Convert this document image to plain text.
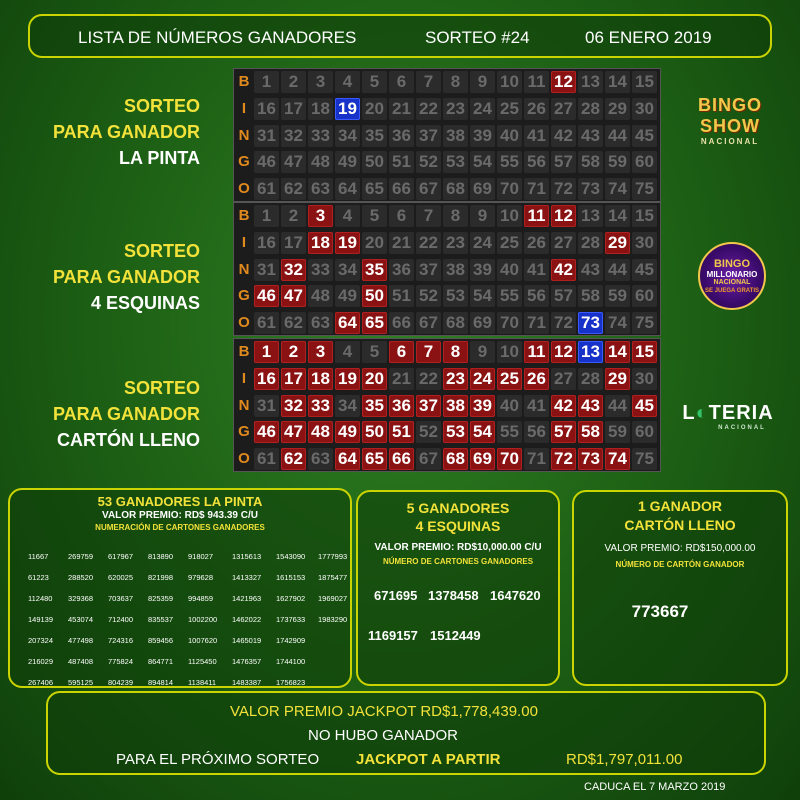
LISTA DE NÚMEROS GANADORES	SORTEO #24	06 ENERO 2019
SORTEO
PARA GANADOR
LA PINTA
SORTEO
PARA GANADOR
4 ESQUINAS
SORTEO
PARA GANADOR
CARTÓN LLENO
B 1	2	3	4	5	6	7	8	9 10 11 12 13 14 15
I 16 17 18 19 20 21 22 23 24 25 26 27 28 29 30
N 31 32 33 34 35 36 37 38 39 40 41 42 43 44 45
G 46 47 48 49 50 51 52 53 54 55 56 57 58 59 60
O 61 62 63 64 65 66 67 68 69 70 71 72 73 74 75
B 1	2	3	4	5	6	7	8	9 10 11 12 13 14 15
I 16 17 18 19 20 21 22 23 24 25 26 27 28 29 30
N 31 32 33 34 35 36 37 38 39 40 41 42 43 44 45
G 46 47 48 49 50 51 52 53 54 55 56 57 58 59 60
O 61 62 63 64 65 66 67 68 69 70 71 72 73 74 75
B 1	2	3	4	5	6	7	8	9 10 11 12 13 14 15
I 16 17 18 19 20 21 22 23 24 25 26 27 28 29 30
N 31 32 33 34 35 36 37 38 39 40 41 42 43 44 45
G 46 47 48 49 50 51 52 53 54 55 56 57 58 59 60
O 61 62 63 64 65 66 67 68 69 70 71 72 73 74 75
BINGO
SHOW
NACIONAL
BINGO
MILLONARIO
NACIONAL
SE JUEGA GRATIS
L◐TERIA
NACIONAL
53 GANADORES LA PINTA
VALOR PREMIO: RD$ 943.39 C/U
NUMERACIÓN DE CARTONES GANADORES
11667	269759 617967 813890 918027	1315613 1543090 1777993
61223	288520 620025 821998 979628	1413327 1615153 1875477
112480 329368 703637 825359 994859	1421963 1627902 1969027
149139 453074 712400 835537 1002200 1462022 1737633 1983290
207324 477498 724316 859456 1007620 1465019 1742909
216029 487408 775824 864771 1125450 1476357 1744100
267406 595125 804239 894814 1138411 1483387 1756823
5 GANADORES
4 ESQUINAS
VALOR PREMIO: RD$10,000.00 C/U
NÚMERO DE CARTONES GANADORES
671695 1378458 1647620
1169157 1512449
1 GANADOR
CARTÓN LLENO
VALOR PREMIO: RD$150,000.00
NÚMERO DE CARTÓN GANADOR
773667
VALOR PREMIO JACKPOT RD$1,778,439.00
NO HUBO GANADOR
PARA EL PRÓXIMO SORTEO JACKPOT A PARTIR	RD$1,797,011.00
CADUCA EL 7 MARZO 2019
